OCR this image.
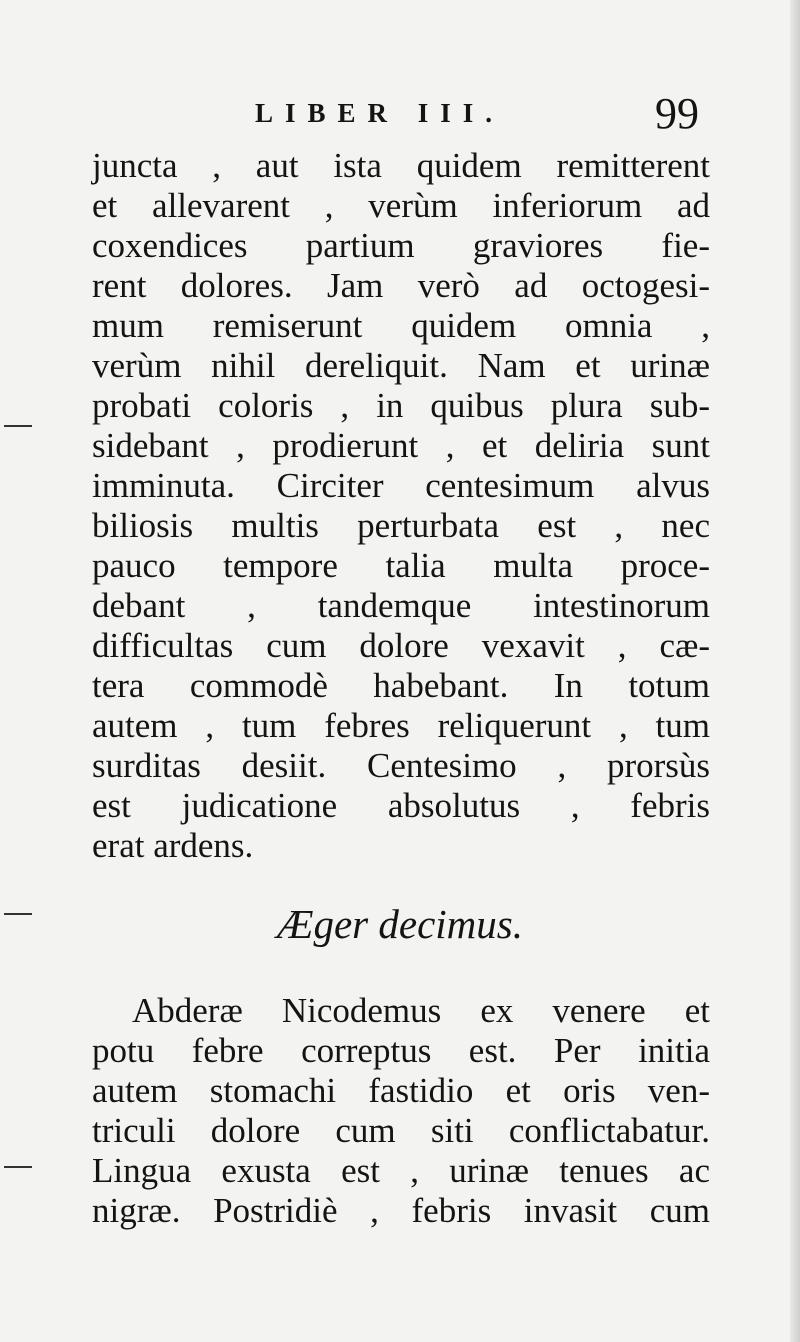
LIBER III.	99
juncta , aut ista quidem remitterent
et allevarent , verùm inferiorum ad
coxendices partium graviores fie-
rent dolores. Jam verò ad octogesi-
mum remiserunt quidem omnia ,
verùm nihil dereliquit. Nam et urinæ
probati coloris , in quibus plura sub-
sidebant , prodierunt , et deliria sunt
imminuta. Circiter centesimum alvus
biliosis multis perturbata est , nec
pauco tempore talia multa proce-
debant , tandemque intestinorum
difficultas cum dolore vexavit , cæ-
tera commodè habebant. In totum
autem , tum febres reliquerunt , tum
surditas desiit. Centesimo , prorsùs
est judicatione absolutus , febris
erat ardens.
Æger decimus.
Abderæ Nicodemus ex venere et
potu febre correptus est. Per initia
autem stomachi fastidio et oris ven-
triculi dolore cum siti conflictabatur.
Lingua exusta est , urinæ tenues ac
nigræ. Postridiè , febris invasit cum
